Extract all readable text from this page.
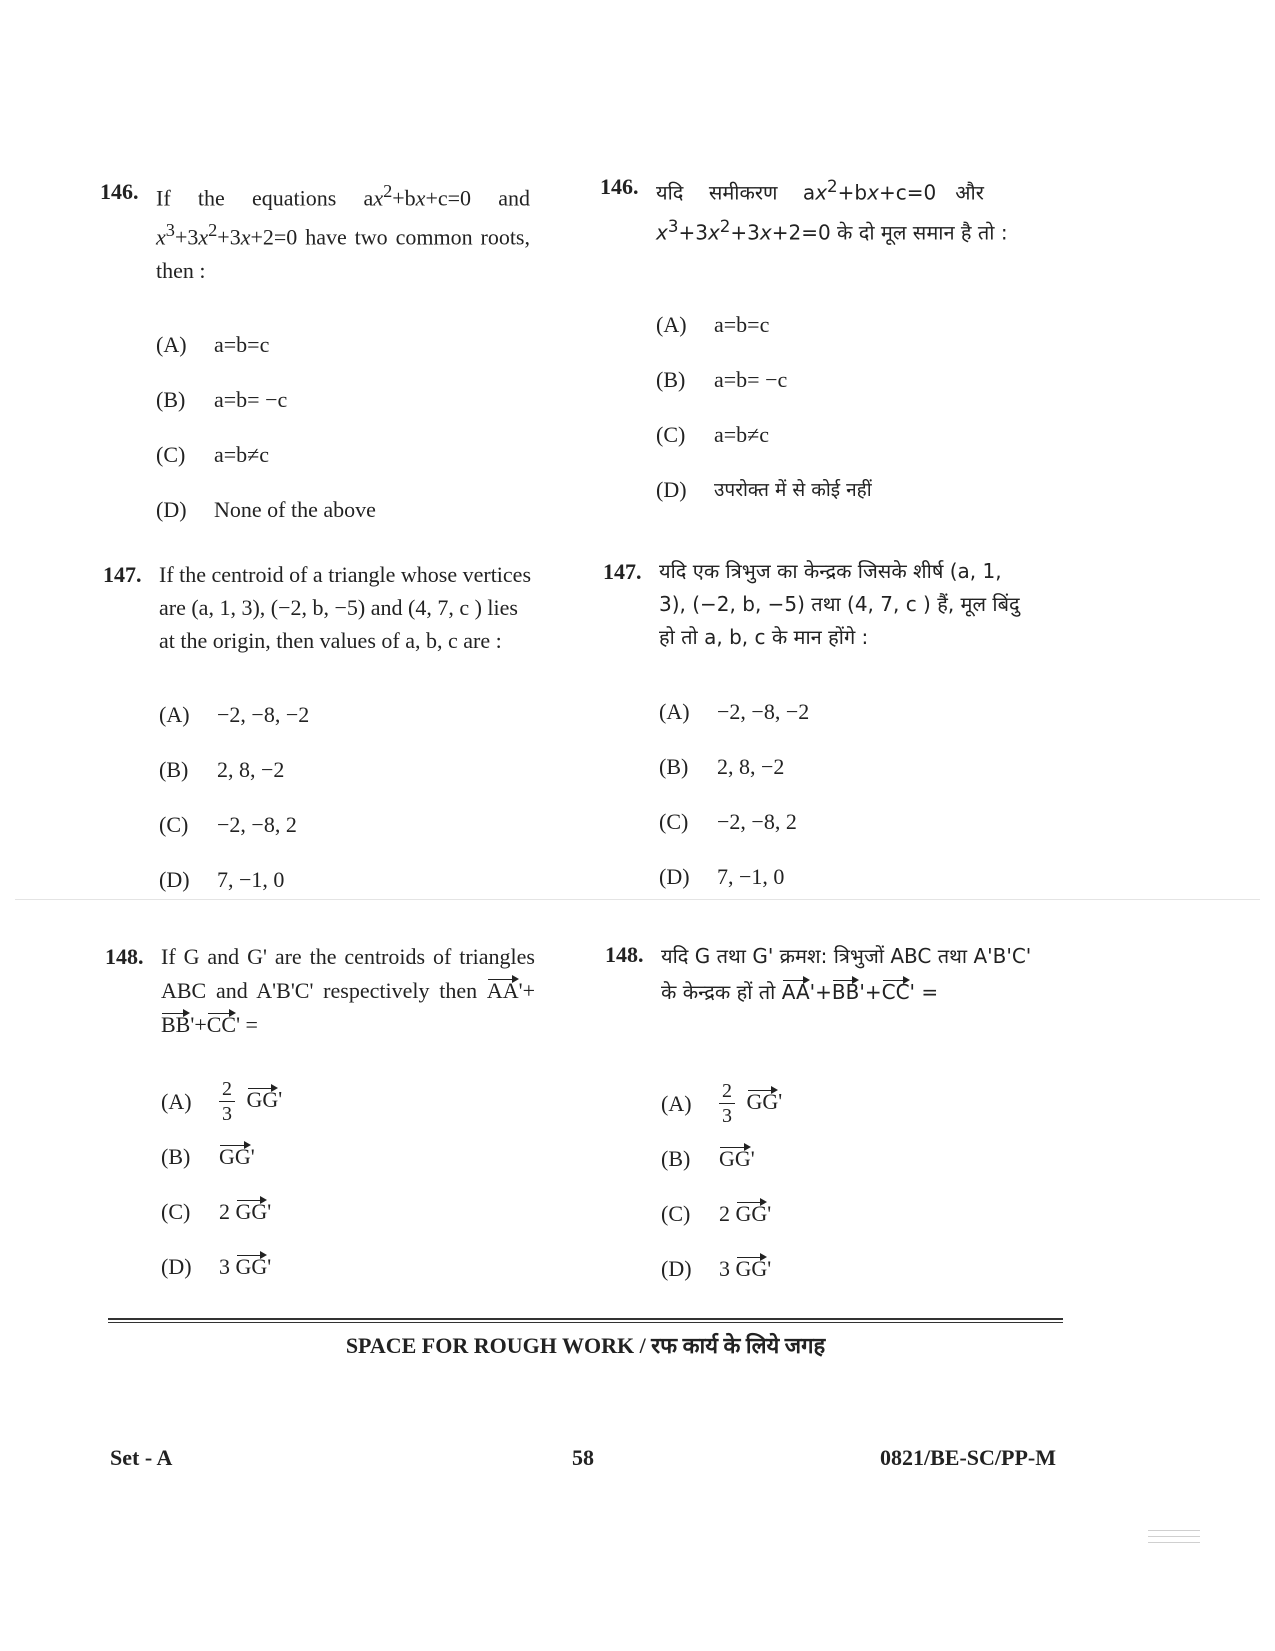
146. If the equations $ax^2+bx+c=0$ and $x^3+3x^2+3x+2=0$ have two common roots, then :
(A)	a=b=c
(B)	a=b= −c
(C)	a=b≠c
(D)	None of the above
146. यदि    समीकरण    $ax^2+bx+c=0$   और $x^3+3x^2+3x+2=0$ के दो मूल समान है तो :
(A)	a=b=c
(B)	a=b= −c
(C)	a=b≠c
(D)	उपरोक्त में से कोई नहीं
147. If the centroid of a triangle whose vertices are (a, 1, 3), (−2, b, −5) and (4, 7, c ) lies at the origin, then values of a, b, c are :
(A)	−2, −8, −2
(B)	2, 8, −2
(C)	−2, −8, 2
(D)	7, −1, 0
147. यदि एक त्रिभुज का केन्द्रक जिसके शीर्ष (a, 1, 3), (−2, b, −5) तथा (4, 7, c ) हैं, मूल बिंदु हो तो a, b, c के मान होंगे :
(A)	−2, −8, −2
(B)	2, 8, −2
(C)	−2, −8, 2
(D)	7, −1, 0
148. If G and G' are the centroids of triangles ABC and A'B'C' respectively then AA'+BB'+CC' =
(A)	$\frac{2}{3} GG'$
(B)	GG'
(C)	2 GG'
(D)	3 GG'
148. यदि G तथा G' क्रमश: त्रिभुजों ABC तथा A'B'C' के केन्द्रक हों तो AA'+BB'+CC' =
(A)	$\frac{2}{3} GG'$
(B)	GG'
(C)	2 GG'
(D)	3 GG'
SPACE FOR ROUGH WORK / रफ कार्य के लिये जगह
Set - A	58	0821/BE-SC/PP-M
